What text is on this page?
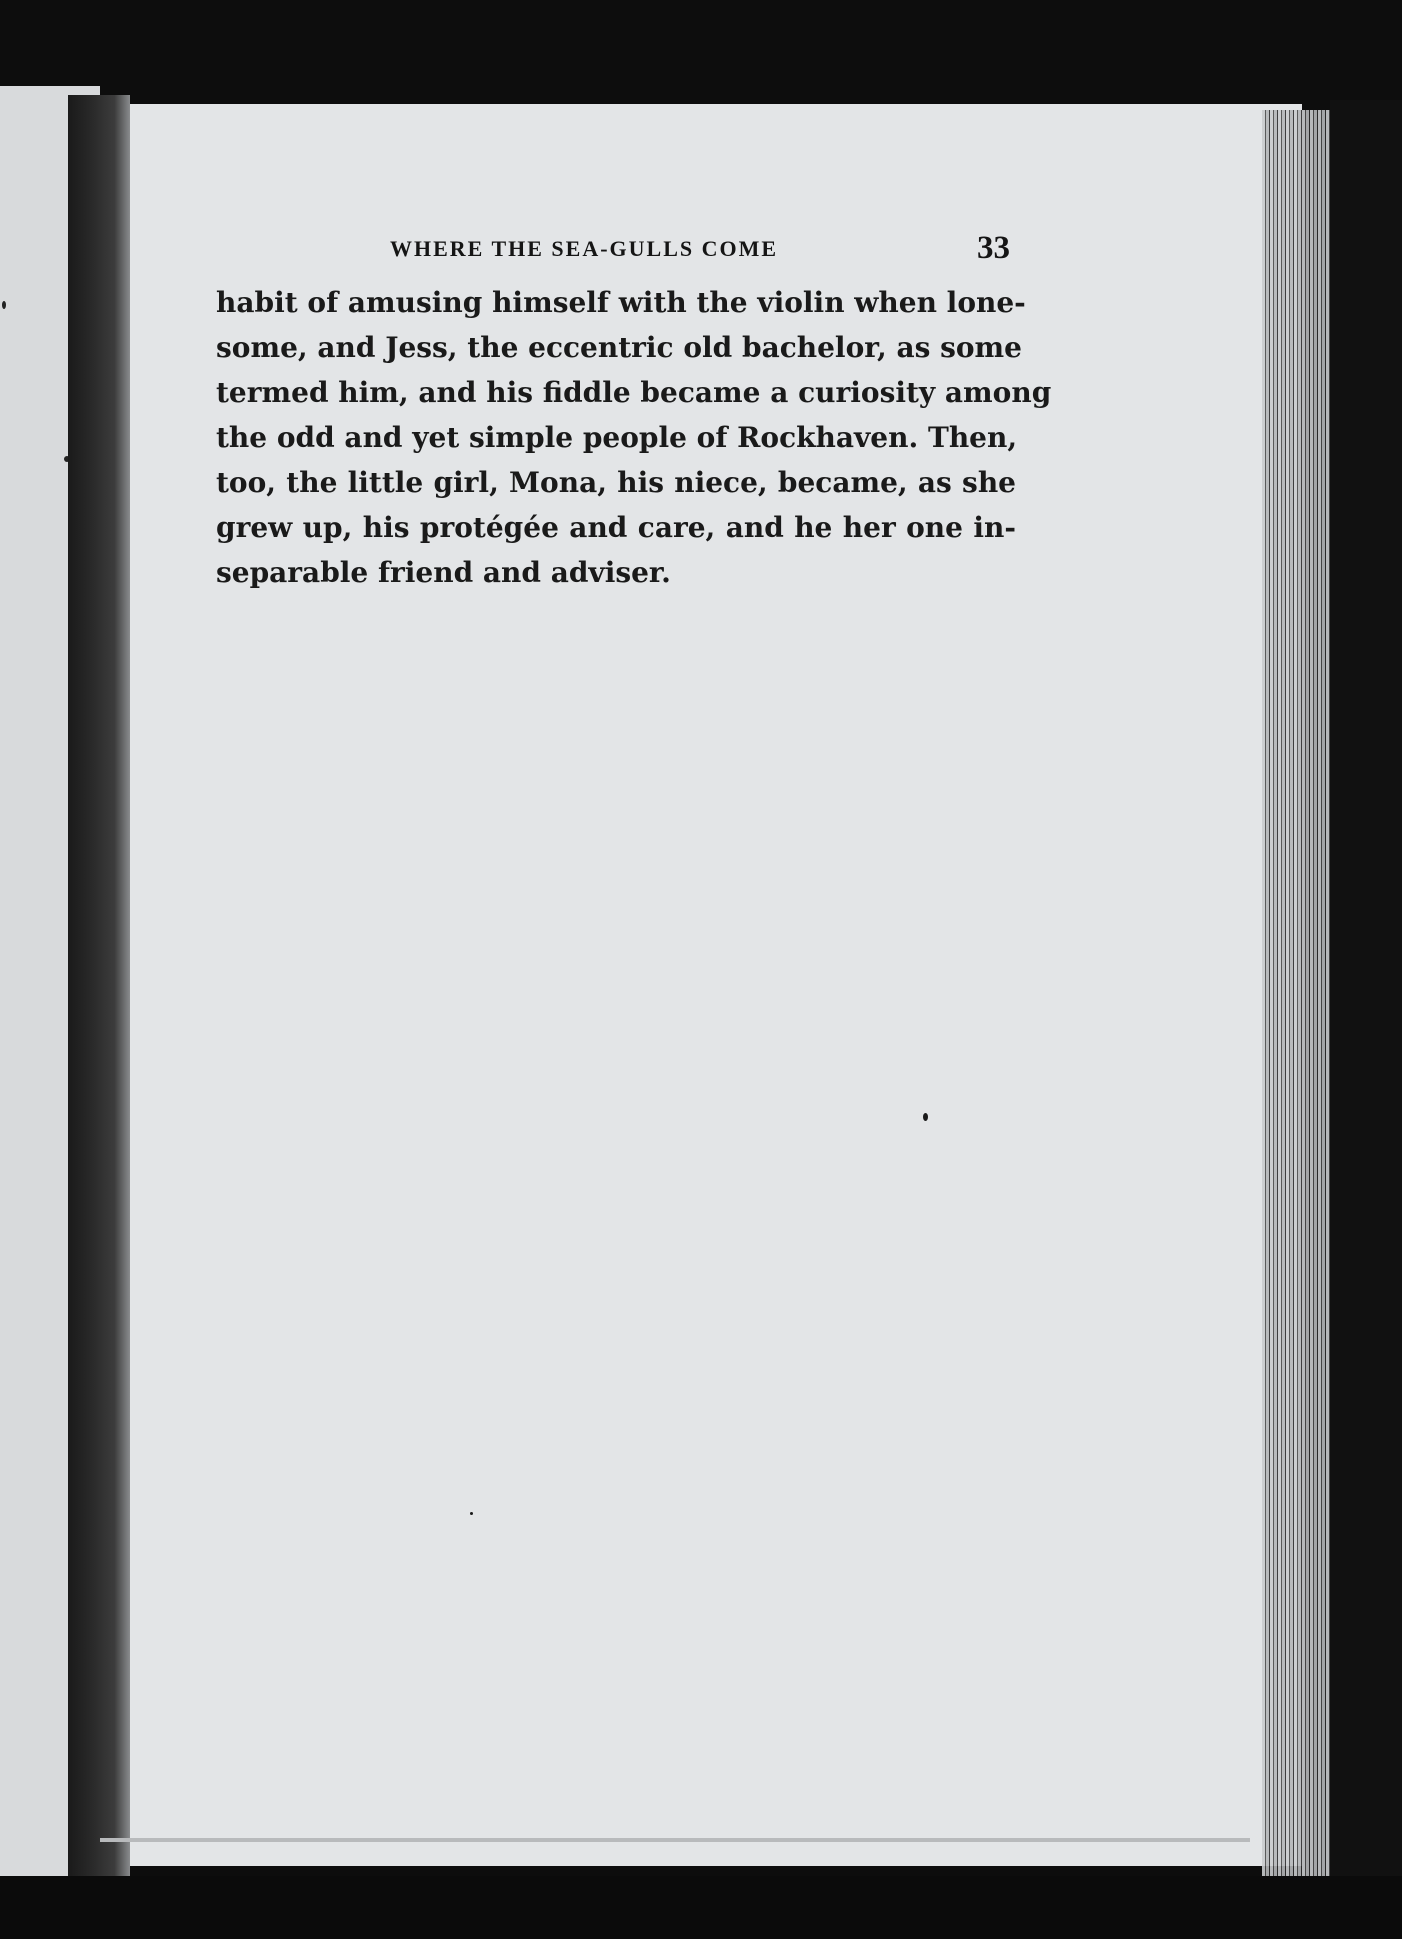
WHERE THE SEA-GULLS COME	33
habit of amusing himself with the violin when lone-
some, and Jess, the eccentric old bachelor, as some
termed him, and his fiddle became a curiosity among
the odd and yet simple people of Rockhaven. Then,
too, the little girl, Mona, his niece, became, as she
grew up, his protégée and care, and he her one in-
separable friend and adviser.
